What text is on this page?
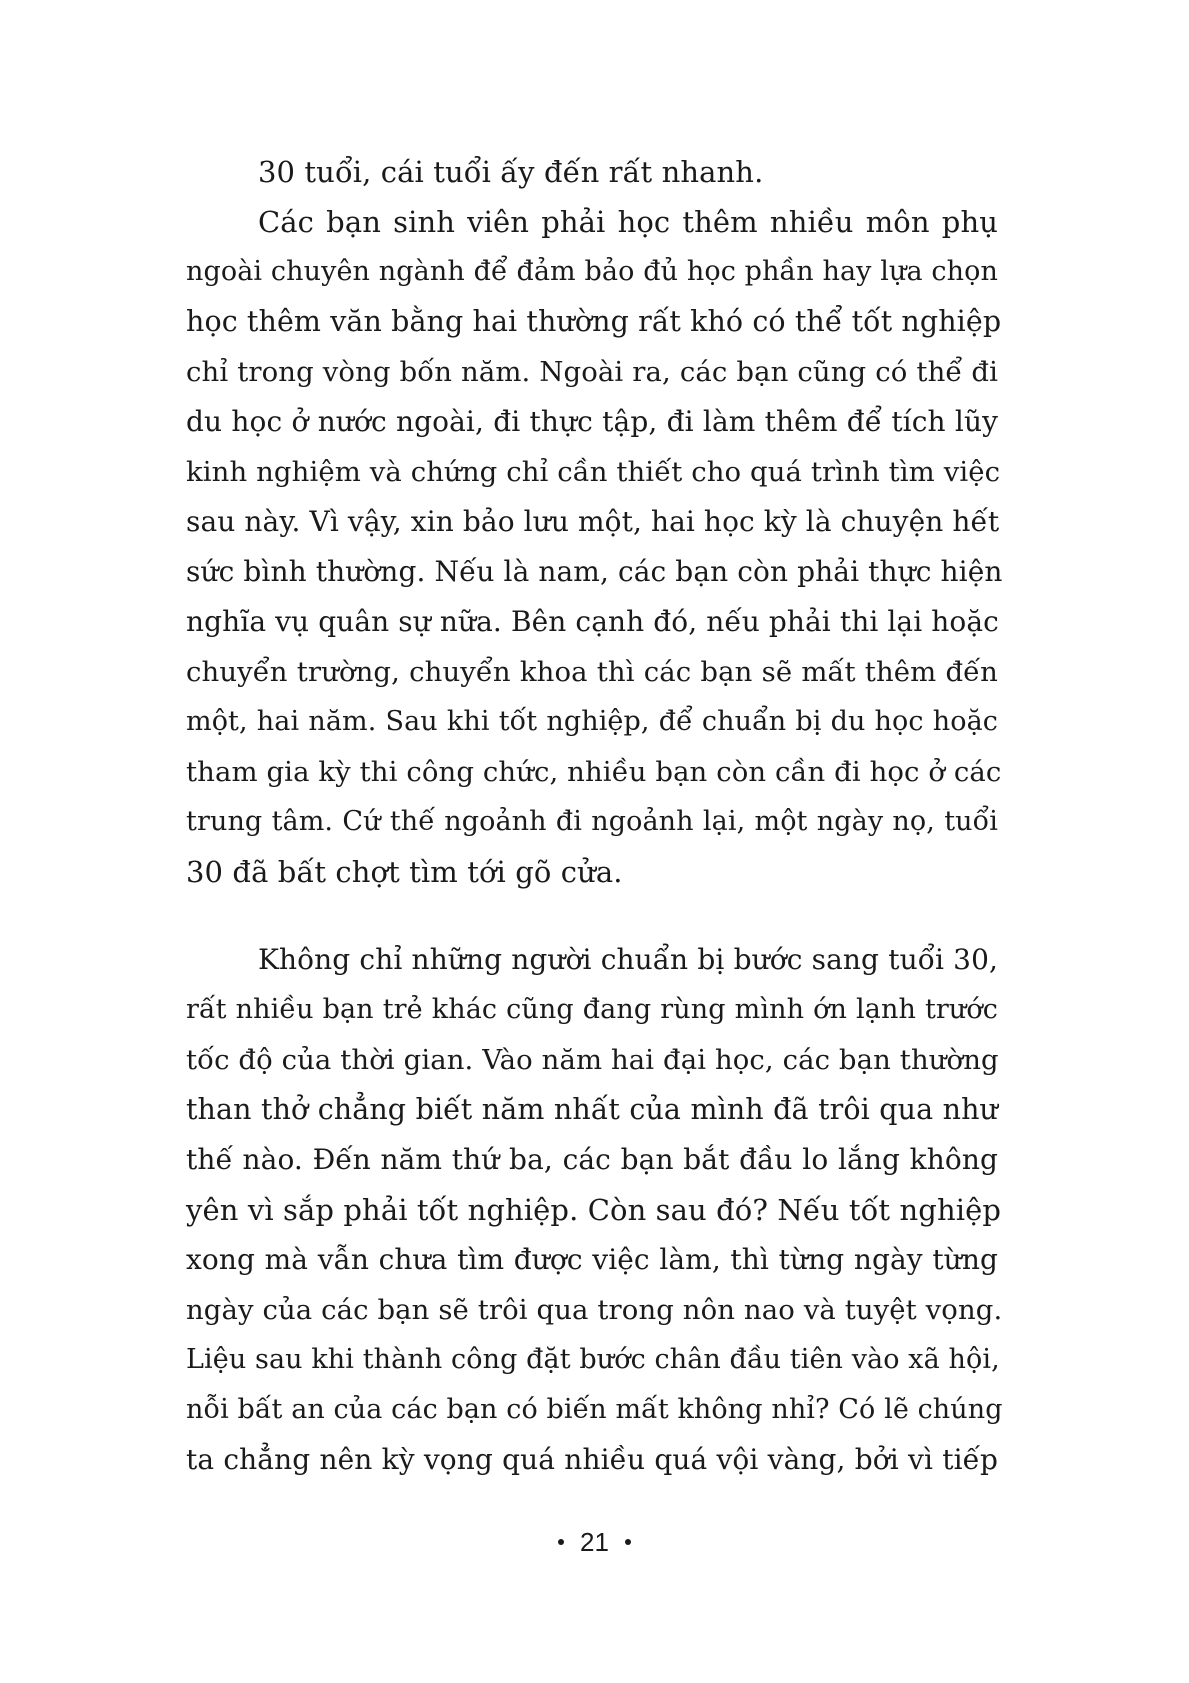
30 tuổi, cái tuổi ấy đến rất nhanh.
Các bạn sinh viên phải học thêm nhiều môn phụ
ngoài chuyên ngành để đảm bảo đủ học phần hay lựa chọn
học thêm văn bằng hai thường rất khó có thể tốt nghiệp
chỉ trong vòng bốn năm. Ngoài ra, các bạn cũng có thể đi
du học ở nước ngoài, đi thực tập, đi làm thêm để tích lũy
kinh nghiệm và chứng chỉ cần thiết cho quá trình tìm việc
sau này. Vì vậy, xin bảo lưu một, hai học kỳ là chuyện hết
sức bình thường. Nếu là nam, các bạn còn phải thực hiện
nghĩa vụ quân sự nữa. Bên cạnh đó, nếu phải thi lại hoặc
chuyển trường, chuyển khoa thì các bạn sẽ mất thêm đến
một, hai năm. Sau khi tốt nghiệp, để chuẩn bị du học hoặc
tham gia kỳ thi công chức, nhiều bạn còn cần đi học ở các
trung tâm. Cứ thế ngoảnh đi ngoảnh lại, một ngày nọ, tuổi
30 đã bất chợt tìm tới gõ cửa.
Không chỉ những người chuẩn bị bước sang tuổi 30,
rất nhiều bạn trẻ khác cũng đang rùng mình ớn lạnh trước
tốc độ của thời gian. Vào năm hai đại học, các bạn thường
than thở chẳng biết năm nhất của mình đã trôi qua như
thế nào. Đến năm thứ ba, các bạn bắt đầu lo lắng không
yên vì sắp phải tốt nghiệp. Còn sau đó? Nếu tốt nghiệp
xong mà vẫn chưa tìm được việc làm, thì từng ngày từng
ngày của các bạn sẽ trôi qua trong nôn nao và tuyệt vọng.
Liệu sau khi thành công đặt bước chân đầu tiên vào xã hội,
nỗi bất an của các bạn có biến mất không nhỉ? Có lẽ chúng
ta chẳng nên kỳ vọng quá nhiều quá vội vàng, bởi vì tiếp
21
